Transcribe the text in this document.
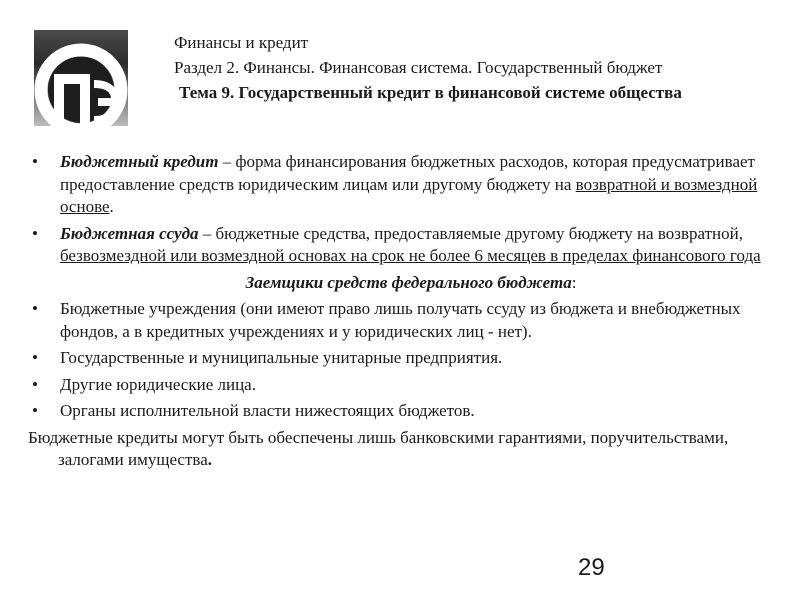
Финансы и кредит
Раздел 2. Финансы. Финансовая система. Государственный бюджет
Тема 9. Государственный кредит в финансовой системе общества
• Бюджетный кредит – форма финансирования бюджетных расходов, которая предусматривает предоставление средств юридическим лицам или другому бюджету на возвратной и возмездной основе.
• Бюджетная ссуда – бюджетные средства, предоставляемые другому бюджету на возвратной, безвозмездной или возмездной основах на срок не более 6 месяцев в пределах финансового года
Заемщики средств федерального бюджета:
• Бюджетные учреждения (они имеют право лишь получать ссуду из бюджета и внебюджетных фондов, а в кредитных учреждениях и у юридических лиц - нет).
• Государственные и муниципальные унитарные предприятия.
• Другие юридические лица.
• Органы исполнительной власти нижестоящих бюджетов.
Бюджетные кредиты могут быть обеспечены лишь банковскими гарантиями, поручительствами, залогами имущества.
29
